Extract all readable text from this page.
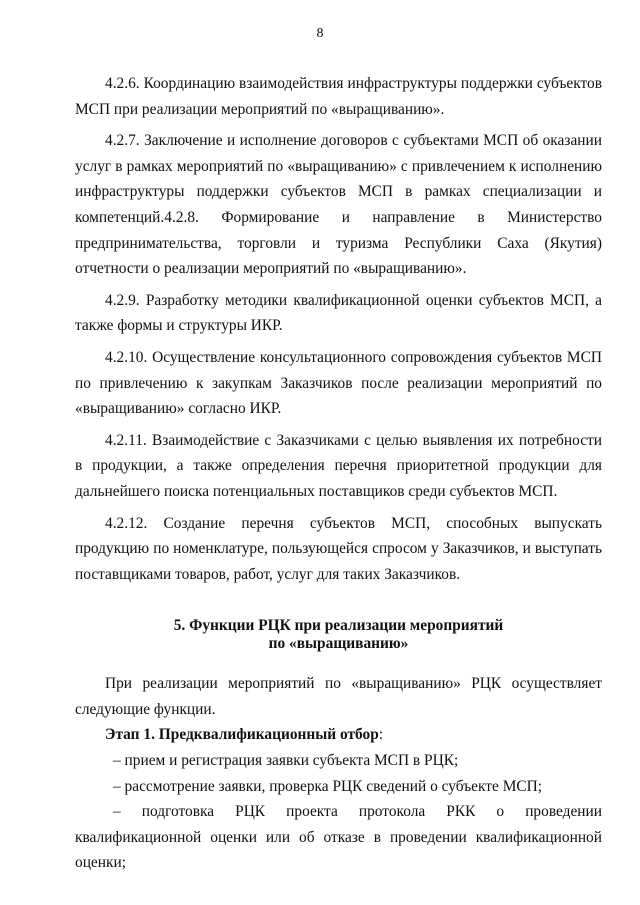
8

4.2.6. Координацию взаимодействия инфраструктуры поддержки субъектов МСП при реализации мероприятий по «выращиванию».

4.2.7. Заключение и исполнение договоров с субъектами МСП об оказании услуг в рамках мероприятий по «выращиванию» с привлечением к исполнению инфраструктуры поддержки субъектов МСП в рамках специализации и компетенций.4.2.8. Формирование и направление в Министерство предпринимательства, торговли и туризма Республики Саха (Якутия) отчетности о реализации мероприятий по «выращиванию».

4.2.9. Разработку методики квалификационной оценки субъектов МСП, а также формы и структуры ИКР.

4.2.10. Осуществление консультационного сопровождения субъектов МСП по привлечению к закупкам Заказчиков после реализации мероприятий по «выращиванию» согласно ИКР.

4.2.11. Взаимодействие с Заказчиками с целью выявления их потребности в продукции, а также определения перечня приоритетной продукции для дальнейшего поиска потенциальных поставщиков среди субъектов МСП.

4.2.12. Создание перечня субъектов МСП, способных выпускать продукцию по номенклатуре, пользующейся спросом у Заказчиков, и выступать поставщиками товаров, работ, услуг для таких Заказчиков.

5. Функции РЦК при реализации мероприятий
по «выращиванию»

При реализации мероприятий по «выращиванию» РЦК осуществляет следующие функции.

Этап 1. Предквалификационный отбор:

– прием и регистрация заявки субъекта МСП в РЦК;

– рассмотрение заявки, проверка РЦК сведений о субъекте МСП;

– подготовка РЦК проекта протокола РКК о проведении квалификационной оценки или об отказе в проведении квалификационной оценки;
